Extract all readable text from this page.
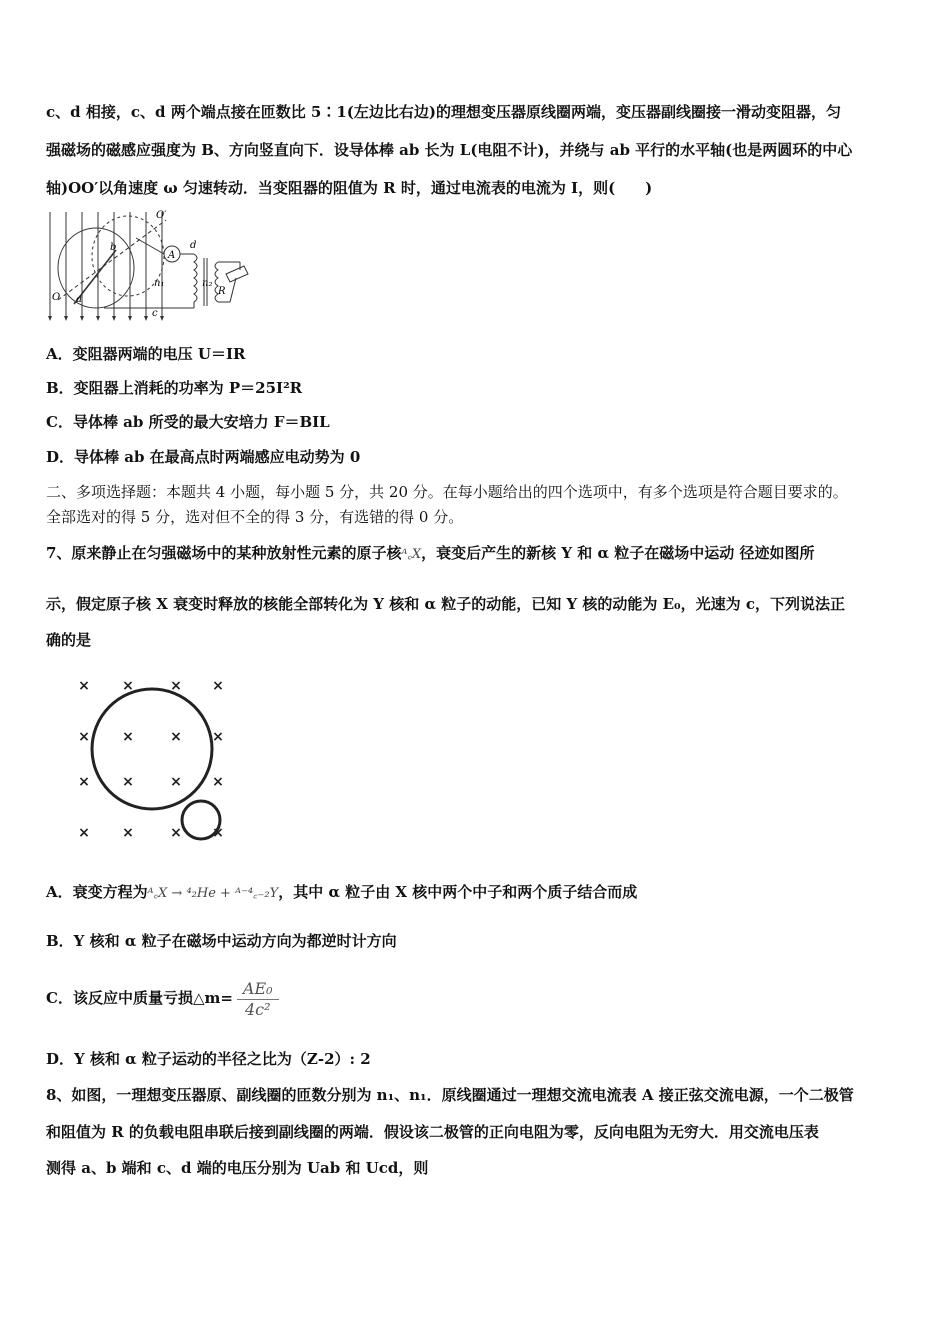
c、d 相接，c、d 两个端点接在匝数比 5∶1(左边比右边)的理想变压器原线圈两端，变压器副线圈接一滑动变阻器，匀
强磁场的磁感应强度为 B、方向竖直向下．设导体棒 ab 长为 L(电阻不计)，并绕与 ab 平行的水平轴(也是两圆环的中心
轴)OO′以角速度 ω 匀速转动．当变阻器的阻值为 R 时，通过电流表的电流为 I，则(　　)
O′
A
d
b
n₁	n₂
R
O a
c
A．变阻器两端的电压 U＝IR
B．变阻器上消耗的功率为 P＝25I²R
C．导体棒 ab 所受的最大安培力 F＝BIL
D．导体棒 ab 在最高点时两端感应电动势为 0
二、多项选择题：本题共 4 小题，每小题 5 分，共 20 分。在每小题给出的四个选项中，有多个选项是符合题目要求的。
全部选对的得 5 分，选对但不全的得 3 分，有选错的得 0 分。
7、原来静止在匀强磁场中的某种放射性元素的原子核ᴬ꜀X，衰变后产生的新核 Y 和 α 粒子在磁场中运动 径迹如图所
示，假定原子核 X 衰变时释放的核能全部转化为 Y 核和 α 粒子的动能，已知 Y 核的动能为 E₀，光速为 c，下列说法正
确的是
× ×	× ×
× ×	× ×
× ×	× ×
× ×	× ×
A．衰变方程为ᴬ꜀X → ⁴₂He + ᴬ⁻⁴꜀₋₂Y，其中 α 粒子由 X 核中两个中子和两个质子结合而成
B．Y 核和 α 粒子在磁场中运动方向为都逆时计方向
C．该反应中质量亏损△m= $\frac{\text{AE₀}}{\text{4c²}}$
D．Y 核和 α 粒子运动的半径之比为（Z-2）: 2
8、如图，一理想变压器原、副线圈的匝数分别为 n₁、n₁．原线圈通过一理想交流电流表 A 接正弦交流电源，一个二极管
和阻值为 R 的负载电阻串联后接到副线圈的两端．假设该二极管的正向电阻为零，反向电阻为无穷大．用交流电压表
测得 a、b 端和 c、d 端的电压分别为 Uab 和 Ucd，则
